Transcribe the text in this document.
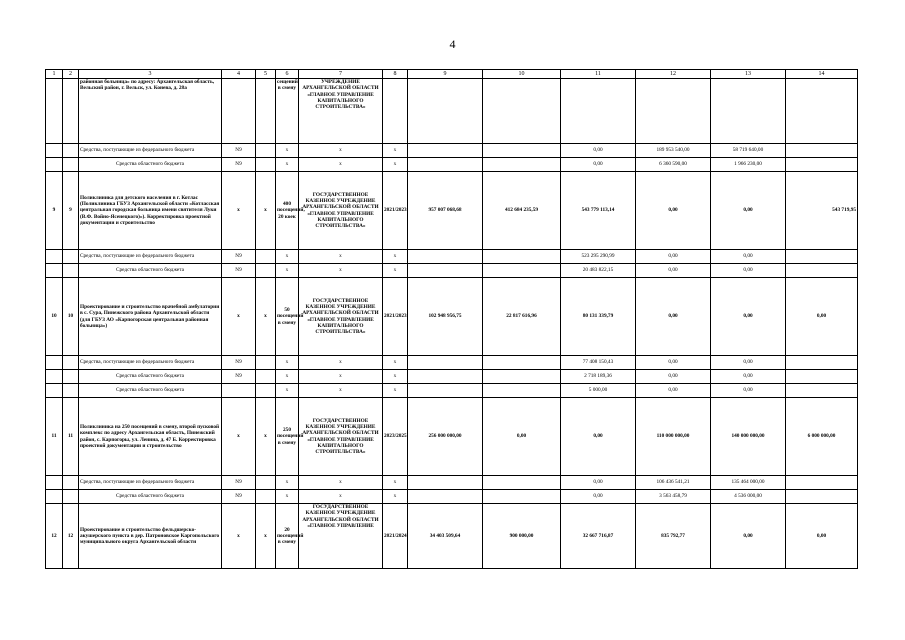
4
1	2	3	4	5	6	7	8	9	10	11	12	13	14
		районная больница» по адресу: Архангельская область, Вельский район, г. Вельск, ул. Конева, д. 28а			сещений в смену	УЧРЕЖДЕНИЕ АРХАНГЕЛЬСКОЙ ОБЛАСТИ «ГЛАВНОЕ УПРАВЛЕНИЕ КАПИТАЛЬНОГО СТРОИТЕЛЬСТВА»							
		Средства, поступающие из федерального бюджета	N9		x	x	x			0,00	189 953 540,00	58 719 640,00	
		Средства областного бюджета	N9		x	x	x			0,00	6 360 590,00	1 966 230,00	
9	9	Поликлиника для детского населения в г. Котлас (Поликлиника ГБУЗ Архангельской области «Котласская центральная городская больница имени святителя Луки (В.Ф. Войно-Ясенецкого)»). Корректировка проектной документации и строительство	x	x	400 посещений, 20 коек	ГОСУДАРСТВЕННОЕ КАЗЕННОЕ УЧРЕЖДЕНИЕ АРХАНГЕЛЬСКОЙ ОБЛАСТИ «ГЛАВНОЕ УПРАВЛЕНИЕ КАПИТАЛЬНОГО СТРОИТЕЛЬСТВА»	2021/2023	957 007 068,68	412 684 235,59	543 779 113,14	0,00	0,00	543 719,95
		Средства, поступающие из федерального бюджета	N9		x	x	x			523 295 290,99	0,00	0,00	
		Средства областного бюджета	N9		x	x	x			20 483 822,15	0,00	0,00	
10	10	Проектирование и строительство врачебной амбулатории в с. Сура, Пинежского района Архангельской области (для ГБУЗ АО «Карпогорская центральная районная больница»)	x	x	50 посещений в смену	ГОСУДАРСТВЕННОЕ КАЗЕННОЕ УЧРЕЖДЕНИЕ АРХАНГЕЛЬСКОЙ ОБЛАСТИ «ГЛАВНОЕ УПРАВЛЕНИЕ КАПИТАЛЬНОГО СТРОИТЕЛЬСТВА»	2021/2023	102 948 956,75	22 817 616,96	80 131 339,79	0,00	0,00	0,00
		Средства, поступающие из федерального бюджета	N9		x	x	x			77 408 150,43	0,00	0,00	
		Средства областного бюджета	N9		x	x	x			2 718 189,36	0,00	0,00	
		Средства областного бюджета			x	x	x			5 000,00	0,00	0,00	
11	11	Поликлиника на 250 посещений в смену, второй пусковой комплекс по адресу Архангельская область, Пинежский район, с. Карпогоры, ул. Ленина, д. 47 Б. Корректировка проектной документации и строительство	x	x	250 посещений в смену	ГОСУДАРСТВЕННОЕ КАЗЕННОЕ УЧРЕЖДЕНИЕ АРХАНГЕЛЬСКОЙ ОБЛАСТИ «ГЛАВНОЕ УПРАВЛЕНИЕ КАПИТАЛЬНОГО СТРОИТЕЛЬСТВА»	2023/2025	256 000 000,00	0,00	0,00	110 000 000,00	140 000 000,00	6 000 000,00
		Средства, поступающие из федерального бюджета	N9		x	x	x			0,00	106 436 541,21	135 464 000,00	
		Средства областного бюджета	N9		x	x	x			0,00	3 563 458,79	4 536 000,00	
12	12	Проектирование и строительство фельдшерско-акушерского пункта в дер. Патроновское Каргопольского муниципального округа Архангельской области	x	x	20 посещений в смену	ГОСУДАРСТВЕННОЕ КАЗЕННОЕ УЧРЕЖДЕНИЕ АРХАНГЕЛЬСКОЙ ОБЛАСТИ «ГЛАВНОЕ УПРАВЛЕНИЕ	2021/2024	34 403 509,64	900 000,00	32 667 716,87	835 792,77	0,00	0,00
